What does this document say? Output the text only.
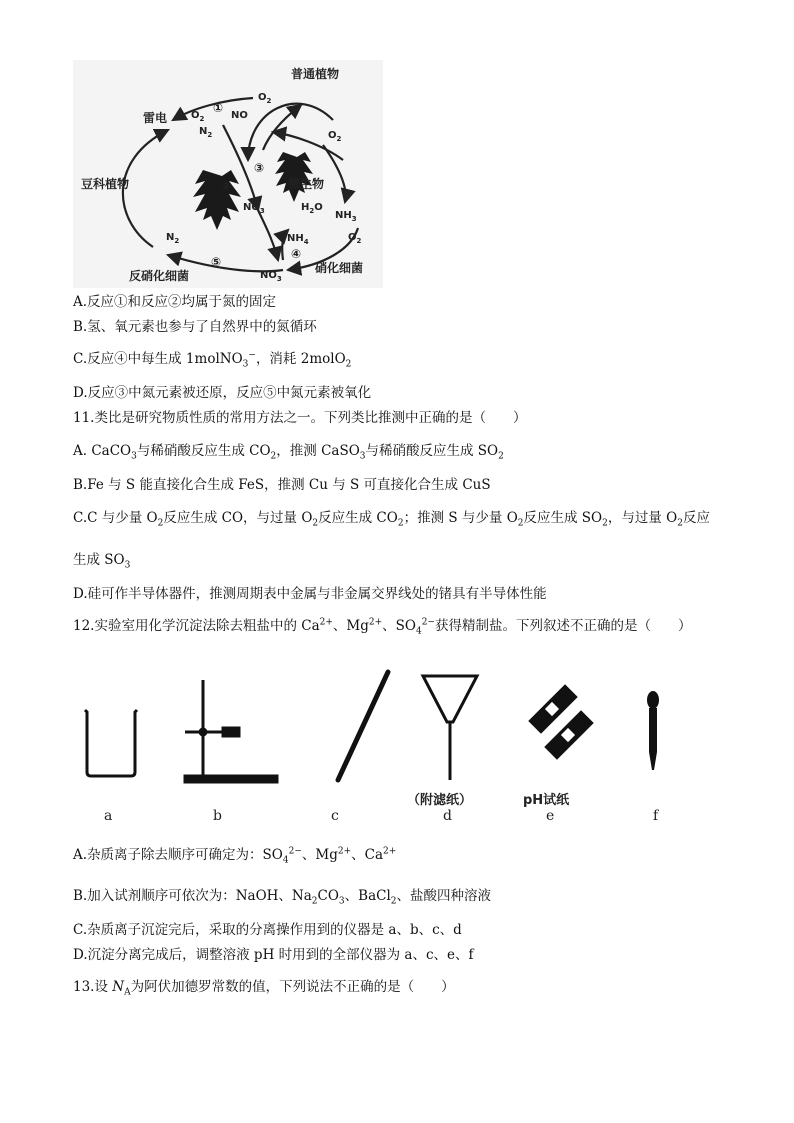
普通植物
雷电
豆科植物	微生物
硝化细菌
反硝化细菌
$O_2$
$N_2$
NO
$O_2$
$O_2$
$NO_3$	$H_2O$
$NH_3$
$NH_4$	$O_2$
$N_2$
$NO_3$
①
②
③
④
⑤
A.反应①和反应②均属于氮的固定
B.氢、氧元素也参与了自然界中的氮循环
C.反应④中每生成 1molNO$_3$−，消耗 2molO$_2$
D.反应③中氮元素被还原，反应⑤中氮元素被氧化
11.类比是研究物质性质的常用方法之一。下列类比推测中正确的是（　　）
A. CaCO$_3$与稀硝酸反应生成 $CO_2$，推测 CaSO$_3$与稀硝酸反应生成 $SO_2$
B.Fe 与 S 能直接化合生成 FeS，推测 Cu 与 S 可直接化合生成 CuS
C.C 与少量 $O_2$反应生成 CO，与过量 $O_2$反应生成 $CO_2$；推测 S 与少量 $O_2$反应生成 $SO_2$，与过量 $O_2$反应
生成 $SO_3$
D.硅可作半导体器件，推测周期表中金属与非金属交界线处的锗具有半导体性能
12.实验室用化学沉淀法除去粗盐中的 $Ca^{2+}$、$Mg^{2+}$、$SO_4^{2-}$获得精制盐。下列叙述不正确的是（　　）
a	b	c
（附滤纸）
d
pH试纸
e	f
A.杂质离子除去顺序可确定为：$SO_4^{2-}$、$Mg^{2+}$、$Ca^{2+}$
B.加入试剂顺序可依次为：NaOH、$Na_2CO_3$、BaCl$_2$、盐酸四种溶液
C.杂质离子沉淀完后，采取的分离操作用到的仪器是 a、b、c、d
D.沉淀分离完成后，调整溶液 pH 时用到的全部仪器为 a、c、e、f
13.设 $N_A$为阿伏加德罗常数的值，下列说法不正确的是（　　）
